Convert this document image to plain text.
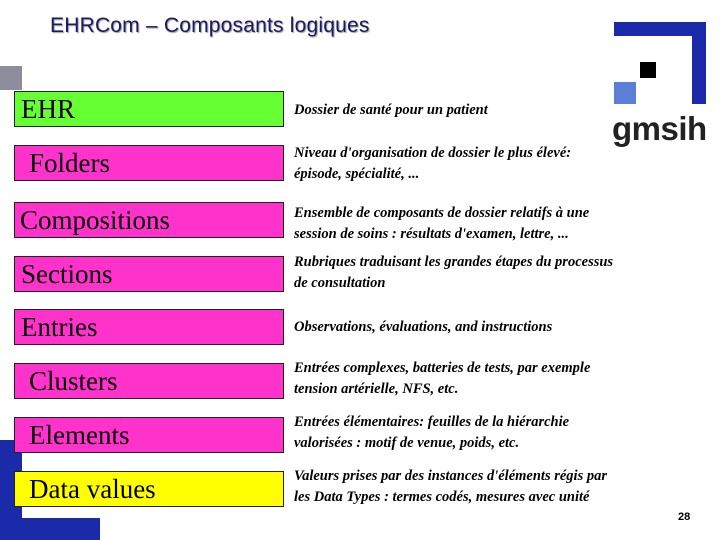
gmsih
EHRCom – Composants logiques
EHR
Folders
Compositions
Sections
Entries
Clusters
Elements
Data values
Dossier de santé pour un patient
Niveau d'organisation de dossier le plus élevé:
épisode, spécialité, ...
Ensemble de composants de dossier relatifs à une
session de soins : résultats d'examen, lettre, ...
Rubriques traduisant les grandes étapes du processus
de consultation
Observations, évaluations, and instructions
Entrées complexes, batteries de tests, par exemple
tension artérielle, NFS, etc.
Entrées élémentaires: feuilles de la hiérarchie
valorisées : motif de venue, poids, etc.
Valeurs prises par des instances d'éléments régis par
les Data Types : termes codés, mesures avec unité
28
